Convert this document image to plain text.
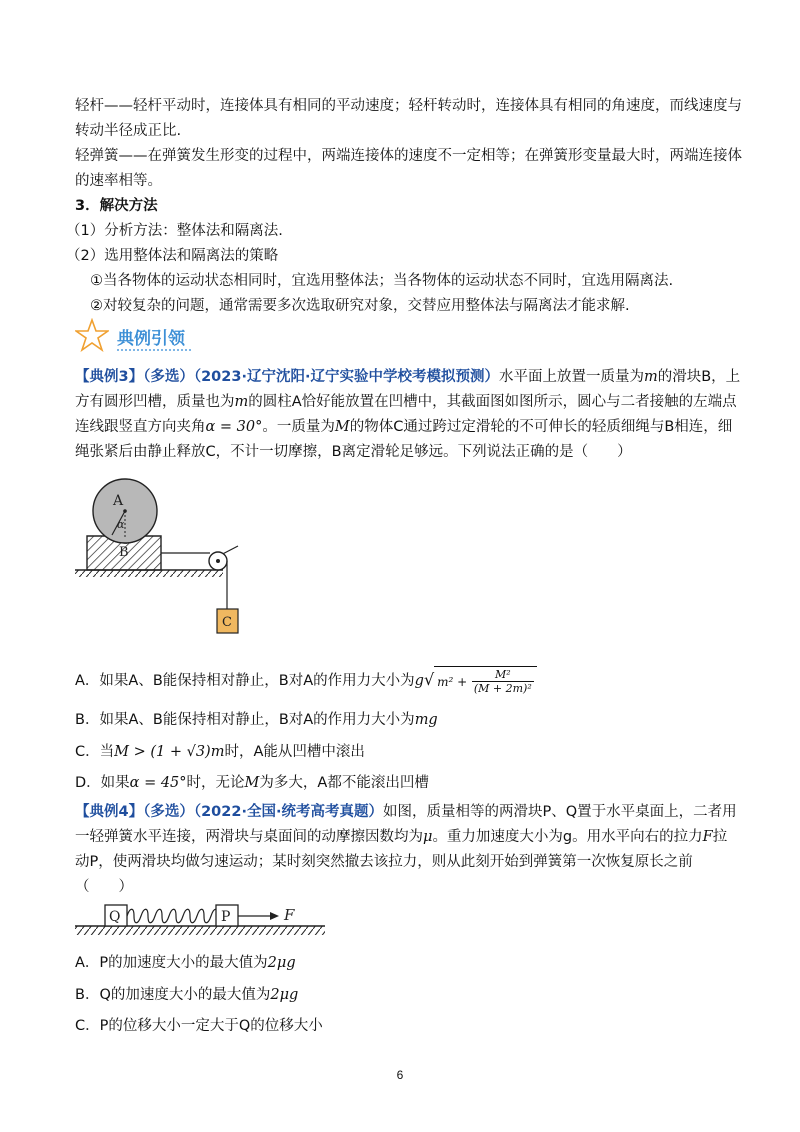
轻杆——轻杆平动时，连接体具有相同的平动速度；轻杆转动时，连接体具有相同的角速度，而线速度与
转动半径成正比.
轻弹簧——在弹簧发生形变的过程中，两端连接体的速度不一定相等；在弹簧形变量最大时，两端连接体
的速率相等。
3．解决方法
（1）分析方法：整体法和隔离法.
（2）选用整体法和隔离法的策略
①当各物体的运动状态相同时，宜选用整体法；当各物体的运动状态不同时，宜选用隔离法.
②对较复杂的问题，通常需要多次选取研究对象，交替应用整体法与隔离法才能求解.
典例引领
【典例3】（多选）（2023·辽宁沈阳·辽宁实验中学校考模拟预测）水平面上放置一质量为m的滑块B，上
方有圆形凹槽，质量也为m的圆柱A恰好能放置在凹槽中，其截面图如图所示，圆心与二者接触的左端点
连线跟竖直方向夹角α = 30°。一质量为M的物体C通过跨过定滑轮的不可伸长的轻质细绳与B相连，细
绳张紧后由静止释放C，不计一切摩擦，B离定滑轮足够远。下列说法正确的是（　　）
A
α
B
C
A．如果A、B能保持相对静止，B对A的作用力大小为g√ $m^2 + \frac{\text{M²}}{\text{(M + 2m)²}}$
B．如果A、B能保持相对静止，B对A的作用力大小为mg
C．当M > (1 + √3)m时，A能从凹槽中滚出
D．如果α = 45°时，无论M为多大，A都不能滚出凹槽
【典例4】（多选）（2022·全国·统考高考真题）如图，质量相等的两滑块P、Q置于水平桌面上，二者用
一轻弹簧水平连接，两滑块与桌面间的动摩擦因数均为μ。重力加速度大小为g。用水平向右的拉力F拉
动P，使两滑块均做匀速运动；某时刻突然撤去该拉力，则从此刻开始到弹簧第一次恢复原长之前
（　　）
Q	P	F
A．P的加速度大小的最大值为2μg
B．Q的加速度大小的最大值为2μg
C．P的位移大小一定大于Q的位移大小
6
